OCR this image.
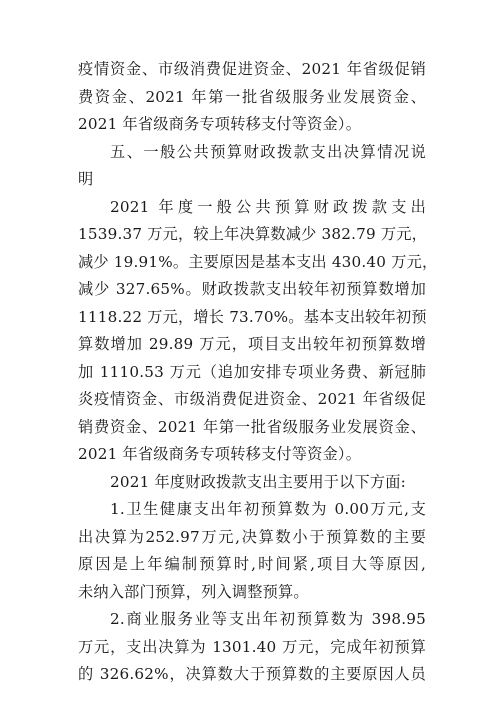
疫情资金、市级消费促进资金、2021 年省级促销
费资金、2021 年第一批省级服务业发展资金、
2021 年省级商务专项转移支付等资金）。
五、一般公共预算财政拨款支出决算情况说
明
2021 年度一般公共预算财政拨款支出
1539.37 万元，较上年决算数减少 382.79 万元，
减少 19.91%。主要原因是基本支出 430.40 万元，
减少 327.65%。财政拨款支出较年初预算数增加
1118.22 万元，增长 73.70%。基本支出较年初预
算数增加 29.89 万元，项目支出较年初预算数增
加 1110.53 万元（追加安排专项业务费、新冠肺
炎疫情资金、市级消费促进资金、2021 年省级促
销费资金、2021 年第一批省级服务业发展资金、
2021 年省级商务专项转移支付等资金）。
2021 年度财政拨款支出主要用于以下方面:
1.卫生健康支出年初预算数为 0.00万元,支
出决算为252.97万元,决算数小于预算数的主要
原因是上年编制预算时,时间紧,项目大等原因,
未纳入部门预算，列入调整预算。
2.商业服务业等支出年初预算数为 398.95
万元，支出决算为 1301.40 万元，完成年初预算
的 326.62%，决算数大于预算数的主要原因人员
